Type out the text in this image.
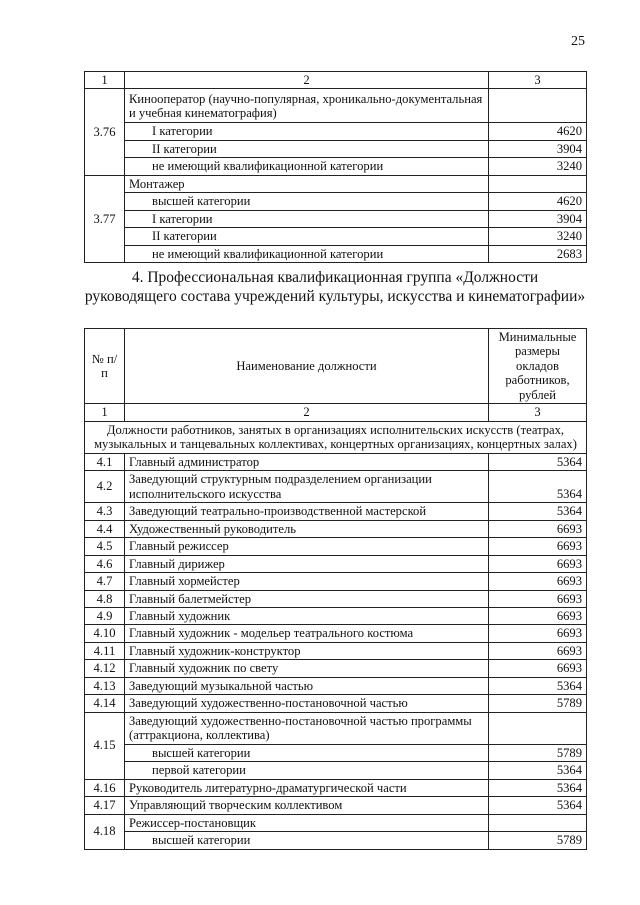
25
1	2	3
3.76	Кинооператор (научно-популярная, хроникально-документальная и учебная кинематография)	
	I категории	4620
	II категории	3904
	не имеющий квалификационной категории	3240
3.77	Монтажер	
	высшей категории	4620
	I категории	3904
	II категории	3240
	не имеющий квалификационной категории	2683
4. Профессиональная квалификационная группа «Должности руководящего состава учреждений культуры, искусства и кинематографии»
№ п/п	Наименование должности	Минимальные размеры окладов работников, рублей
1	2	3
Должности работников, занятых в организациях исполнительских искусств (театрах, музыкальных и танцевальных коллективах, концертных организациях, концертных залах)		
4.1	Главный администратор	5364
4.2	Заведующий структурным подразделением организации исполнительского искусства	5364
4.3	Заведующий театрально-производственной мастерской	5364
4.4	Художественный руководитель	6693
4.5	Главный режиссер	6693
4.6	Главный дирижер	6693
4.7	Главный хормейстер	6693
4.8	Главный балетмейстер	6693
4.9	Главный художник	6693
4.10	Главный художник - модельер театрального костюма	6693
4.11	Главный художник-конструктор	6693
4.12	Главный художник по свету	6693
4.13	Заведующий музыкальной частью	5364
4.14	Заведующий художественно-постановочной частью	5789
4.15	Заведующий художественно-постановочной частью программы (аттракциона, коллектива)	
	высшей категории	5789
	первой категории	5364
4.16	Руководитель литературно-драматургической части	5364
4.17	Управляющий творческим коллективом	5364
4.18	Режиссер-постановщик	
	высшей категории	5789
